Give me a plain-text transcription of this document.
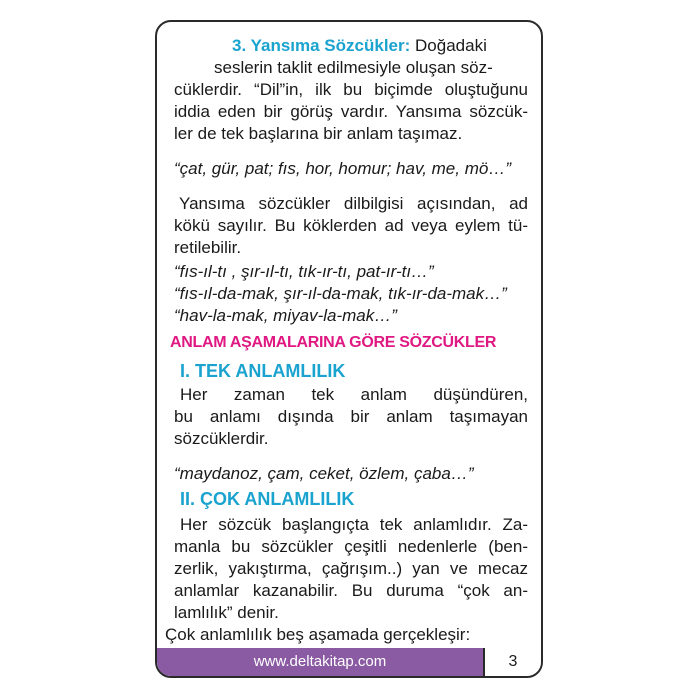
3. Yansıma Sözcükler: Doğadaki

seslerin taklit edilmesiyle oluşan söz-

cüklerdir. “Dil”in, ilk bu biçimde oluştuğunu

iddia eden bir görüş vardır. Yansıma sözcük-

ler de tek başlarına bir anlam taşımaz.

“çat, gür, pat; fıs, hor, homur; hav, me, mö…”

Yansıma sözcükler dilbilgisi açısından, ad

kökü sayılır. Bu köklerden ad veya eylem tü-

retilebilir.

“fıs-ıl-tı , şır-ıl-tı, tık-ır-tı, pat-ır-tı…”

“fıs-ıl-da-mak, şır-ıl-da-mak, tık-ır-da-mak…”

“hav-la-mak, miyav-la-mak…”

ANLAM AŞAMALARINA GÖRE SÖZCÜKLER

I. TEK ANLAMLILIK

Her zaman tek anlam düşündüren,

bu anlamı dışında bir anlam taşımayan

sözcüklerdir.

“maydanoz, çam, ceket, özlem, çaba…”

II. ÇOK ANLAMLILIK

Her sözcük başlangıçta tek anlamlıdır. Za-

manla bu sözcükler çeşitli nedenlerle (ben-

zerlik, yakıştırma, çağrışım..) yan ve mecaz

anlamlar kazanabilir. Bu duruma “çok an-

lamlılık” denir.

Çok anlamlılık beş aşamada gerçekleşir:

www.deltakitap.com	3
